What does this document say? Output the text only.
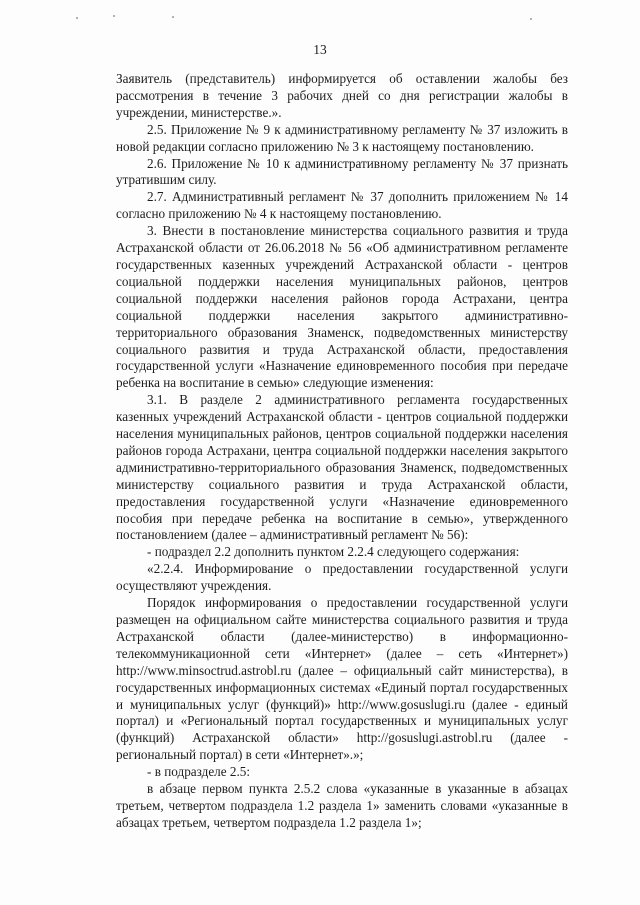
13

Заявитель (представитель) информируется об оставлении жалобы без рассмотрения в течение 3 рабочих дней со дня регистрации жалобы в учреждении, министерстве.».

2.5. Приложение № 9 к административному регламенту № 37 изложить в новой редакции согласно приложению № 3 к настоящему постановлению.

2.6. Приложение № 10 к административному регламенту № 37 признать утратившим силу.

2.7. Административный регламент № 37 дополнить приложением № 14 согласно приложению № 4 к настоящему постановлению.

3. Внести в постановление министерства социального развития и труда Астраханской области от 26.06.2018 № 56 «Об административном регламенте государственных казенных учреждений Астраханской области - центров социальной поддержки населения муниципальных районов, центров социальной поддержки населения районов города Астрахани, центра социальной поддержки населения закрытого административно-территориального образования Знаменск, подведомственных министерству социального развития и труда Астраханской области, предоставления государственной услуги «Назначение единовременного пособия при передаче ребенка на воспитание в семью» следующие изменения:

3.1. В разделе 2 административного регламента государственных казенных учреждений Астраханской области - центров социальной поддержки населения муниципальных районов, центров социальной поддержки населения районов города Астрахани, центра социальной поддержки населения закрытого административно-территориального образования Знаменск, подведомственных министерству социального развития и труда Астраханской области, предоставления государственной услуги «Назначение единовременного пособия при передаче ребенка на воспитание в семью», утвержденного постановлением (далее – административный регламент № 56):

- подраздел 2.2 дополнить пунктом 2.2.4 следующего содержания:

«2.2.4. Информирование о предоставлении государственной услуги осуществляют учреждения.

Порядок информирования о предоставлении государственной услуги размещен на официальном сайте министерства социального развития и труда Астраханской области (далее-министерство) в информационно-телекоммуникационной сети «Интернет» (далее – сеть «Интернет») http://www.minsoctrud.astrobl.ru (далее – официальный сайт министерства), в государственных информационных системах «Единый портал государственных и муниципальных услуг (функций)» http://www.gosuslugi.ru (далее - единый портал) и «Региональный портал государственных и муниципальных услуг (функций) Астраханской области» http://gosuslugi.astrobl.ru (далее - региональный портал) в сети «Интернет».»;

- в подразделе 2.5:

в абзаце первом пункта 2.5.2 слова «указанные в указанные в абзацах третьем, четвертом подраздела 1.2 раздела 1» заменить словами «указанные в абзацах третьем, четвертом подраздела 1.2 раздела 1»;
